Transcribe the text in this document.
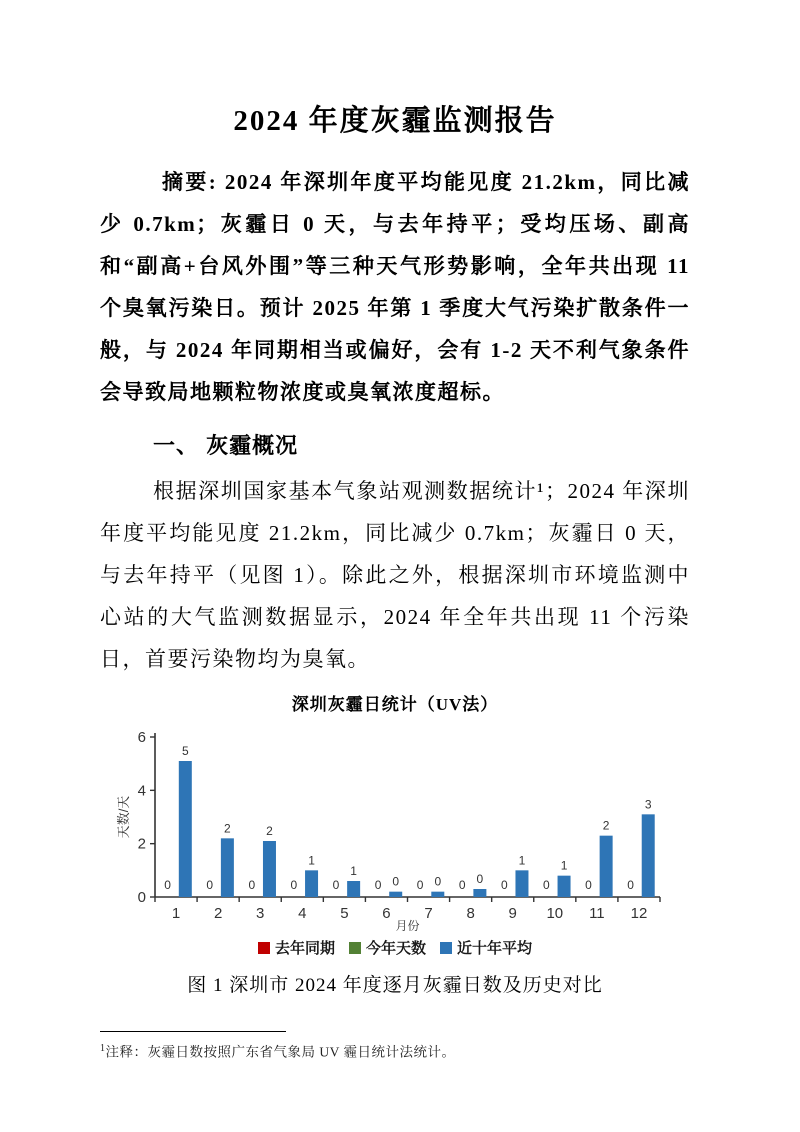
2024 年度灰霾监测报告

摘要: 2024 年深圳年度平均能见度 21.2km，同比减少 0.7km；灰霾日 0 天，与去年持平；受均压场、副高和“副高+台风外围”等三种天气形势影响，全年共出现 11 个臭氧污染日。预计 2025 年第 1 季度大气污染扩散条件一般，与 2024 年同期相当或偏好，会有 1-2 天不利气象条件会导致局地颗粒物浓度或臭氧浓度超标。

一、 灰霾概况

根据深圳国家基本气象站观测数据统计¹；2024 年深圳年度平均能见度 21.2km，同比减少 0.7km；灰霾日 0 天，与去年持平（见图 1）。除此之外，根据深圳市环境监测中心站的大气监测数据显示，2024 年全年共出现 11 个污染日，首要污染物均为臭氧。

深圳灰霾日统计（UV法）
0
2
4
6
天数/天
0
5
1
0
2
2
0
2
3
0
1
4
0
1
5
0 0
6
0 0
7
0 0
8
0
1
9
0
1
10
0
2
11
0
3
12
月份
去年同期 今年天数 近十年平均
图 1 深圳市 2024 年度逐月灰霾日数及历史对比
$^1$注释：灰霾日数按照广东省气象局 UV 霾日统计法统计。
